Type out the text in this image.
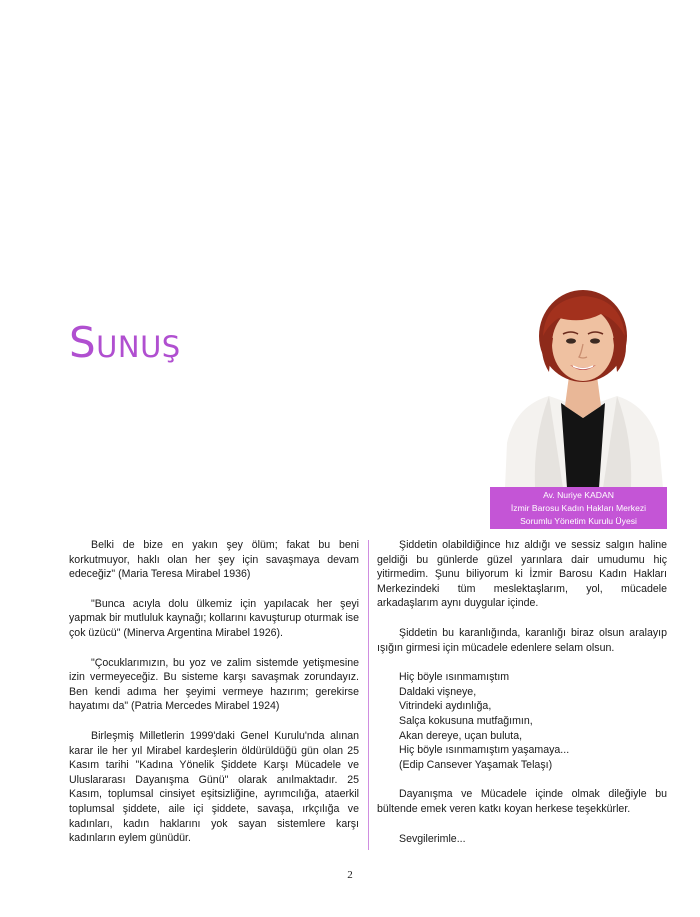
Sunuş
Av. Nuriye KADAN
İzmir Barosu Kadın Hakları Merkezi
Sorumlu Yönetim Kurulu Üyesi

Belki de bize en yakın şey ölüm; fakat bu beni korkutmuyor, haklı olan her şey için savaşmaya devam edeceğiz" (Maria Teresa Mirabel 1936)

"Bunca acıyla dolu ülkemiz için yapılacak her şeyi yapmak bir mutluluk kaynağı; kollarını kavuşturup oturmak ise çok üzücü" (Minerva Argentina Mirabel 1926).

"Çocuklarımızın, bu yoz ve zalim sistemde yetişmesine izin vermeyeceğiz. Bu sisteme karşı savaşmak zorundayız. Ben kendi adıma her şeyimi vermeye hazırım; gerekirse hayatımı da" (Patria Mercedes Mirabel 1924)

Birleşmiş Milletlerin 1999'daki Genel Kurulu'nda alınan karar ile her yıl Mirabel kardeşlerin öldürüldüğü gün olan 25 Kasım tarihi "Kadına Yönelik Şiddete Karşı Mücadele ve Uluslararası Dayanışma Günü" olarak anılmaktadır. 25 Kasım, toplumsal cinsiyet eşitsizliğine, ayrımcılığa, ataerkil toplumsal şiddete, aile içi şiddete, savaşa, ırkçılığa ve kadınları, kadın haklarını yok sayan sistemlere karşı kadınların eylem günüdür.

Şiddetin olabildiğince hız aldığı ve sessiz salgın haline geldiği bu günlerde güzel yarınlara dair umudumu hiç yitirmedim. Şunu biliyorum ki İzmir Barosu Kadın Hakları Merkezindeki tüm meslektaşlarım, yol, mücadele arkadaşlarım aynı duygular içinde.

Şiddetin bu karanlığında, karanlığı biraz olsun aralayıp ışığın girmesi için mücadele edenlere selam olsun.

Hiç böyle ısınmamıştım
Daldaki vişneye,
Vitrindeki aydınlığa,
Salça kokusuna mutfağımın,
Akan dereye, uçan buluta,
Hiç böyle ısınmamıştım yaşamaya...
(Edip Cansever Yaşamak Telaşı)

Dayanışma ve Mücadele içinde olmak dileğiyle bu bültende emek veren katkı koyan herkese teşekkürler.

Sevgilerimle...

2
